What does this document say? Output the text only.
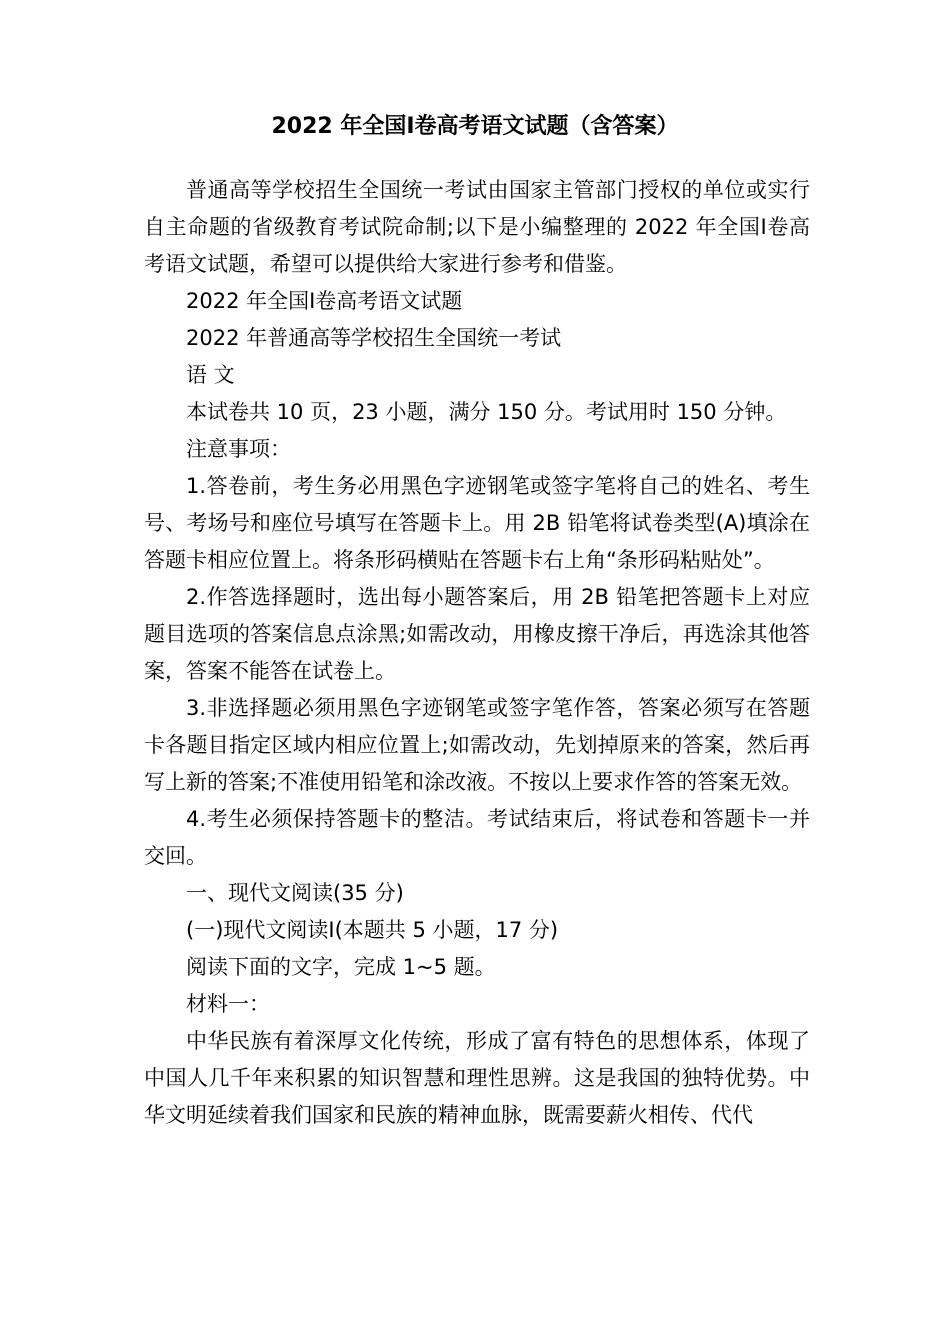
2022 年全国Ⅰ卷高考语文试题（含答案）

普通高等学校招生全国统一考试由国家主管部门授权的单位或实行自主命题的省级教育考试院命制;以下是小编整理的 2022 年全国Ⅰ卷高考语文试题，希望可以提供给大家进行参考和借鉴。

2022 年全国Ⅰ卷高考语文试题

2022 年普通高等学校招生全国统一考试

语 文

本试卷共 10 页，23 小题，满分 150 分。考试用时 150 分钟。

注意事项：

1.答卷前，考生务必用黑色字迹钢笔或签字笔将自己的姓名、考生号、考场号和座位号填写在答题卡上。用 2B 铅笔将试卷类型(A)填涂在答题卡相应位置上。将条形码横贴在答题卡右上角“条形码粘贴处”。

2.作答选择题时，选出每小题答案后，用 2B 铅笔把答题卡上对应题目选项的答案信息点涂黑;如需改动，用橡皮擦干净后，再选涂其他答案，答案不能答在试卷上。

3.非选择题必须用黑色字迹钢笔或签字笔作答，答案必须写在答题卡各题目指定区域内相应位置上;如需改动，先划掉原来的答案，然后再写上新的答案;不准使用铅笔和涂改液。不按以上要求作答的答案无效。

4.考生必须保持答题卡的整洁。考试结束后，将试卷和答题卡一并交回。

一、现代文阅读(35 分)

(一)现代文阅读Ⅰ(本题共 5 小题，17 分)

阅读下面的文字，完成 1~5 题。

材料一：

中华民族有着深厚文化传统，形成了富有特色的思想体系，体现了中国人几千年来积累的知识智慧和理性思辨。这是我国的独特优势。中华文明延续着我们国家和民族的精神血脉，既需要薪火相传、代代
